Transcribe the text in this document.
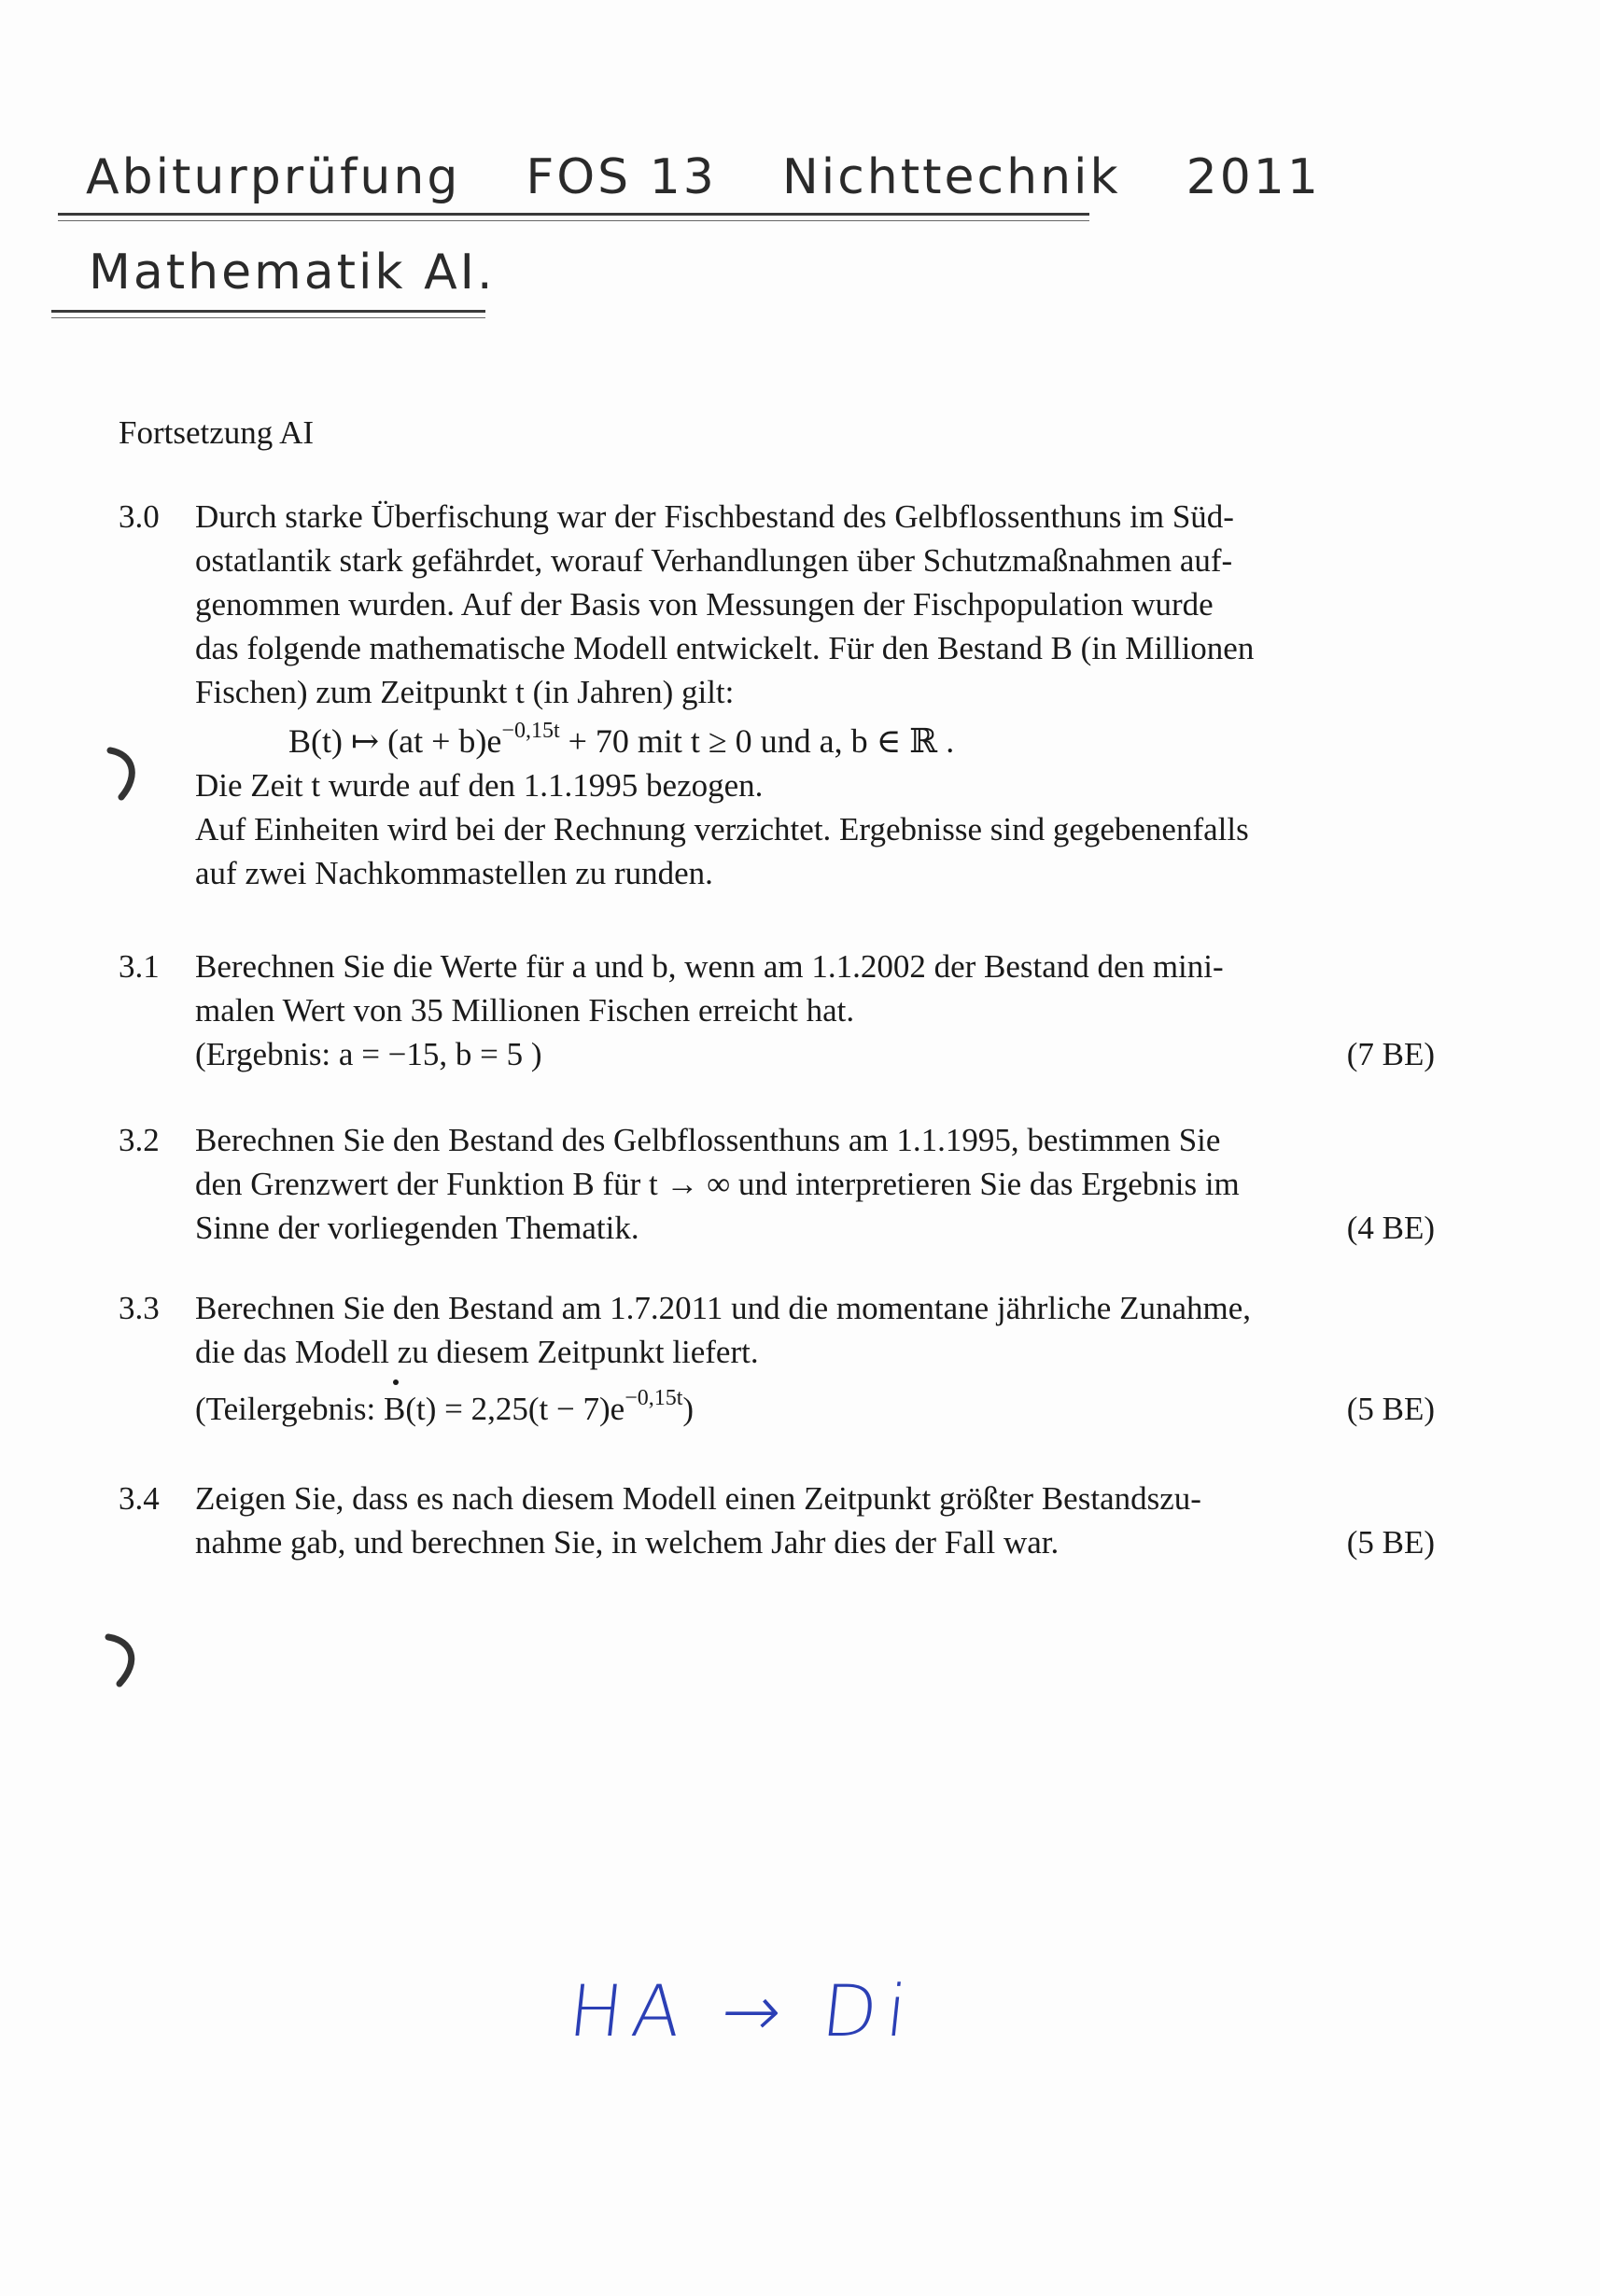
Abiturprüfung FOS 13 Nichttechnik 2011
Mathematik AI.
Fortsetzung AI
3.0	Durch starke Überfischung war der Fischbestand des Gelbflossenthuns im Süd-
ostatlantik stark gefährdet, worauf Verhandlungen über Schutzmaßnahmen auf-
genommen wurden. Auf der Basis von Messungen der Fischpopulation wurde
das folgende mathematische Modell entwickelt. Für den Bestand B (in Millionen
Fischen) zum Zeitpunkt t (in Jahren) gilt:
B(t) ↦ $(at + b)e^{-0,15t} + 70$ mit t ≥ 0 und a, b ∈ ℝ .
Die Zeit t wurde auf den 1.1.1995 bezogen.
Auf Einheiten wird bei der Rechnung verzichtet. Ergebnisse sind gegebenenfalls
auf zwei Nachkommastellen zu runden.
3.1	Berechnen Sie die Werte für a und b, wenn am 1.1.2002 der Bestand den mini-
malen Wert von 35 Millionen Fischen erreicht hat.
(Ergebnis: a = −15, b = 5 )	(7 BE)
3.2	Berechnen Sie den Bestand des Gelbflossenthuns am 1.1.1995, bestimmen Sie
den Grenzwert der Funktion B für t → ∞ und interpretieren Sie das Ergebnis im
Sinne der vorliegenden Thematik.	(4 BE)
3.3	Berechnen Sie den Bestand am 1.7.2011 und die momentane jährliche Zunahme,
die das Modell zu diesem Zeitpunkt liefert.
(Teilergebnis: $B(t) = 2,25(t - 7)e^{-0,15t}$)	(5 BE)
3.4	Zeigen Sie, dass es nach diesem Modell einen Zeitpunkt größter Bestandszu-
nahme gab, und berechnen Sie, in welchem Jahr dies der Fall war.	(5 BE)
HA → Di
